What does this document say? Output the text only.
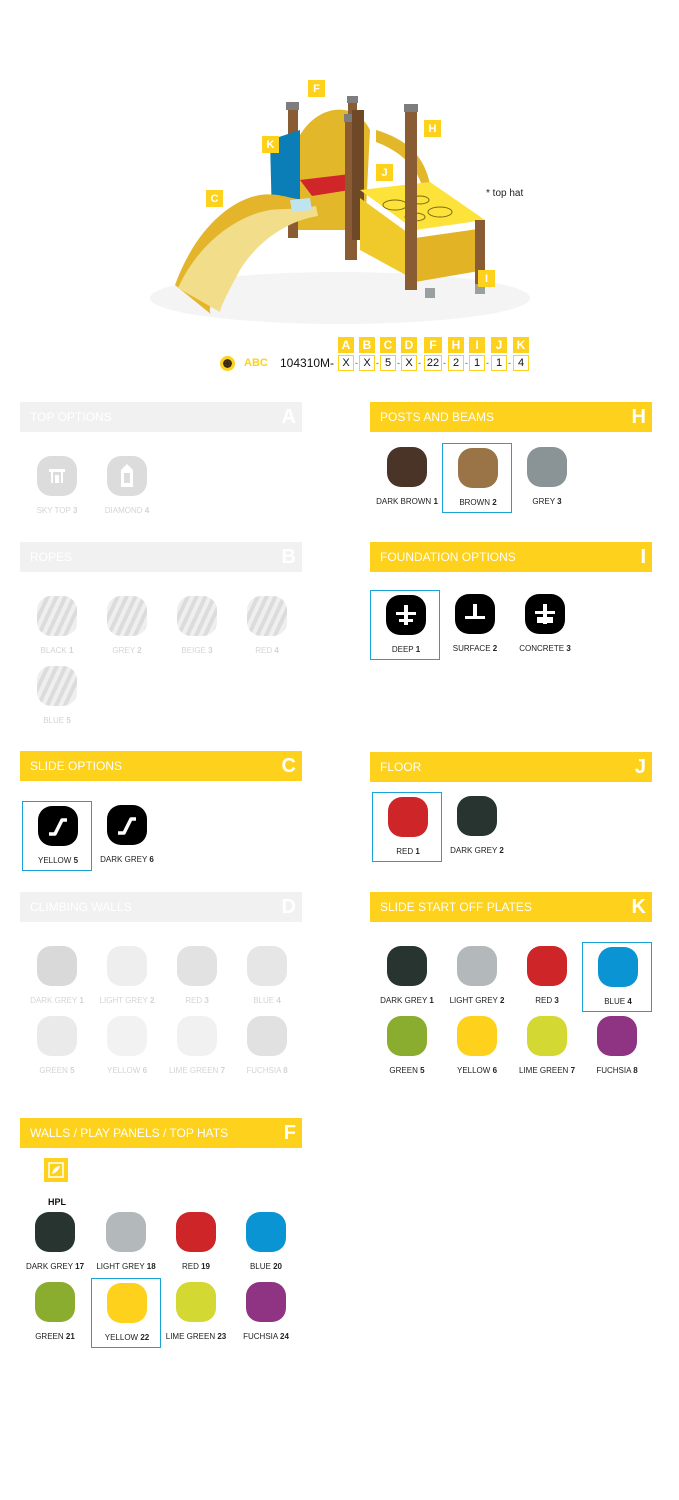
F
H
K
C
J
I
* top hat
ABC 104310M-
A	B	C	D	F	H	I	J	K
X - X - 5 - X - 22 - 2 - 1 - 1 - 4
TOP OPTIONS	A
SKY TOP 3	DIAMOND 4
ROPES	B
BLACK 1	GREY 2	BEIGE 3	RED 4
BLUE 5
SLIDE OPTIONS	C
YELLOW 5	DARK GREY 6
CLIMBING WALLS	D
DARK GREY 1	LIGHT GREY 2	RED 3	BLUE 4
GREEN 5	YELLOW 6	LIME GREEN 7	FUCHSIA 8
WALLS / PLAY PANELS / TOP HATS	F
HPL
DARK GREY 17	LIGHT GREY 18	RED 19	BLUE 20
GREEN 21	YELLOW 22	LIME GREEN 23	FUCHSIA 24
POSTS AND BEAMS	H
DARK BROWN 1	BROWN 2	GREY 3
FOUNDATION OPTIONS	I
DEEP 1	SURFACE 2	CONCRETE 3
FLOOR	J
RED 1	DARK GREY 2
SLIDE START OFF PLATES	K
DARK GREY 1	LIGHT GREY 2	RED 3	BLUE 4
GREEN 5	YELLOW 6	LIME GREEN 7	FUCHSIA 8
